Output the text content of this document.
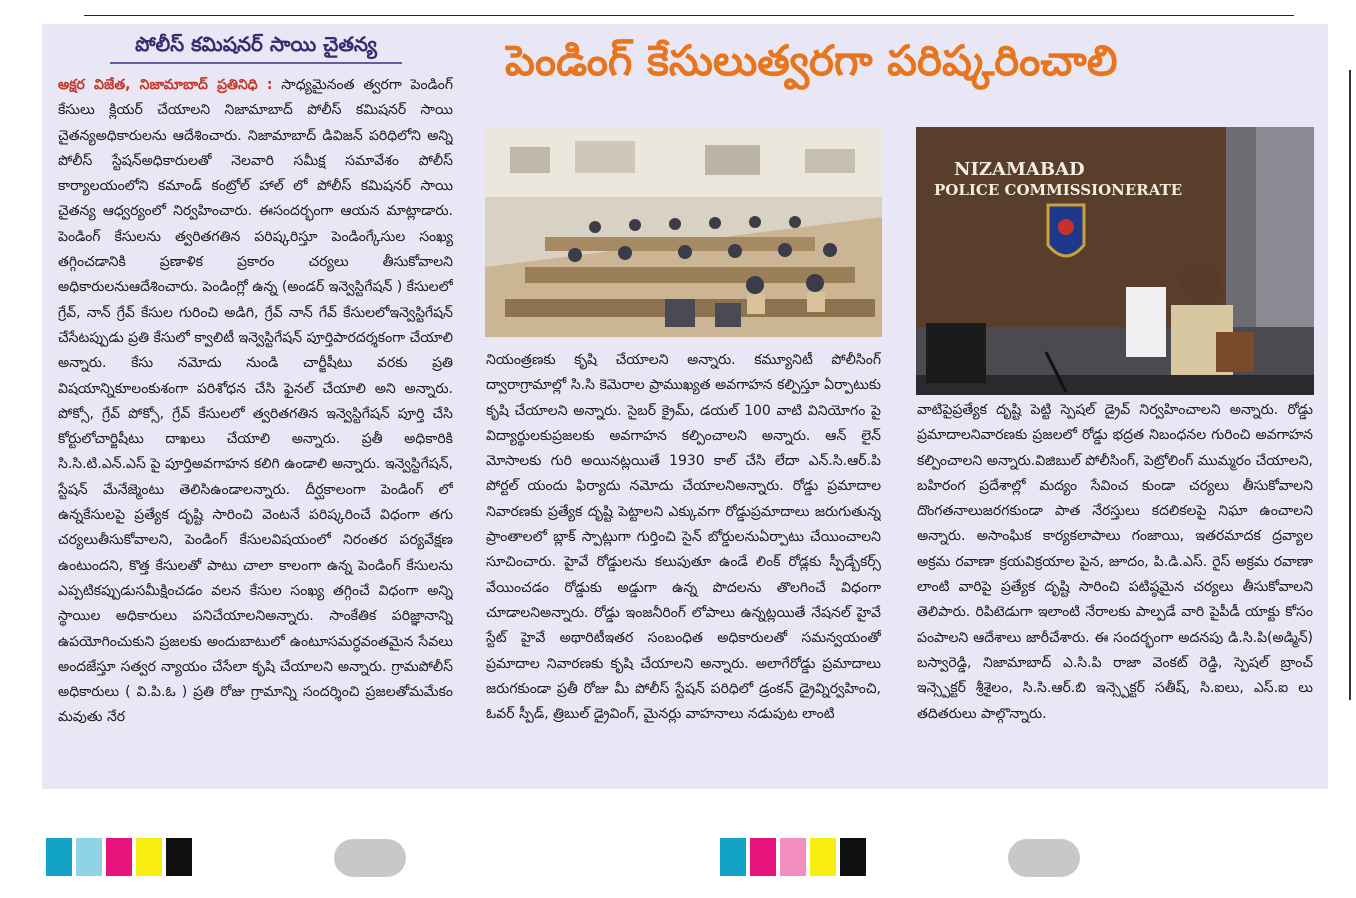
పోలీస్ కమిషనర్ సాయి చైతన్య	పెండింగ్ కేసులుత్వరగా పరిష్కరించాలి
అక్షర విజేత, నిజామాబాద్ ప్రతినిధి : సాధ్యమైనంత త్వరగా పెండింగ్ కేసులు క్లియర్ చేయాలని నిజామాబాద్ పోలీస్ కమిషనర్ సాయి చైతన్యఅధికారులను ఆదేశించారు. నిజామాబాద్ డివిజన్ పరిధిలోని అన్ని పోలీస్ స్టేషన్అధికారులతో నెలవారి సమీక్ష సమావేశం పోలీస్ కార్యాలయంలోని కమాండ్ కంట్రోల్ హాల్ లో పోలీస్ కమిషనర్ సాయి చైతన్య ఆధ్వర్యంలో నిర్వహించారు. ఈసందర్భంగా ఆయన మాట్లాడారు. పెండింగ్ కేసులను త్వరితగతిన పరిష్కరిస్తూ పెండింగ్కేసుల సంఖ్య తగ్గించడానికి ప్రణాళిక ప్రకారం చర్యలు తీసుకోవాలని అధికారులనుఆదేశించారు. పెండింగ్లో ఉన్న (అండర్ ఇన్వెస్టిగేషన్ ) కేసులలో గ్రేవ్, నాన్ గ్రేవ్ కేసుల గురించి అడిగి, గ్రేవ్ నాన్ గేవ్ కేసులలోఇన్వెస్టిగేషన్ చేసేటప్పుడు ప్రతి కేసులో క్వాలిటీ ఇన్వెస్టిగేషన్ పూర్తిపారదర్శకంగా చేయాలి అన్నారు. కేసు నమోదు నుండి చార్జీషీటు వరకు ప్రతి విషయాన్నికూలంకుశంగా పరిశోధన చేసి ఫైనల్ చేయాలి అని అన్నారు. పోక్సో, గ్రేవ్ పోక్సో, గ్రేవ్ కేసులలో త్వరితగతిన ఇన్వెస్టిగేషన్ పూర్తి చేసి కోర్టులోచార్జిషీటు దాఖలు చేయాలి అన్నారు. ప్రతీ అధికారికి సి.సి.టి.ఎన్.ఎస్ పై పూర్తిఅవగాహన కలిగి ఉండాలి అన్నారు. ఇన్వెస్టిగేషన్, స్టేషన్ మేనేజ్మెంటు తెలిసిఉండాలన్నారు. దీర్ఘకాలంగా పెండింగ్ లో ఉన్నకేసులపై ప్రత్యేక దృష్టి సారించి వెంటనే పరిష్కరించే విధంగా తగు చర్యలుతీసుకోవాలని, పెండింగ్ కేసులవిషయంలో నిరంతర పర్యవేక్షణ ఉంటుందని, కొత్త కేసులతో పాటు చాలా కాలంగా ఉన్న పెండింగ్ కేసులను ఎప్పటికప్పుడుసమీక్షించడం వలన కేసుల సంఖ్య తగ్గించే విధంగా అన్ని స్థాయిల అధికారులు పనిచేయాలనిఅన్నారు. సాంకేతిక పరిజ్ఞానాన్ని ఉపయోగించుకుని ప్రజలకు అందుబాటులో ఉంటూసమర్ధవంతమైన సేవలు అందజేస్తూ సత్వర న్యాయం చేసేలా కృషి చేయాలని అన్నారు. గ్రామపోలీస్ అధికారులు ( వి.పి.ఓ ) ప్రతి రోజు గ్రామాన్ని సందర్శించి ప్రజలతోమమేకం మవుతు నేర
NIZAMABAD
POLICE COMMISSIONERATE
నియంత్రణకు కృషి చేయాలని అన్నారు. కమ్యూనిటీ పోలీసింగ్ ద్వారాగ్రామాల్లో సి.సి కెమెరాల ప్రాముఖ్యత అవగాహన కల్పిస్తూ ఏర్పాటుకు కృషి చేయాలని అన్నారు. సైబర్ క్రైమ్, డయల్ 100 వాటి వినియోగం పై విద్యార్థులకుప్రజలకు అవగాహన కల్పించాలని అన్నారు. ఆన్ లైన్ మోసాలకు గురి అయినట్లయితే 1930 కాల్ చేసి లేదా ఎన్.సి.ఆర్.పి పోర్టల్ యందు ఫిర్యాదు నమోదు చేయాలనిఅన్నారు. రోడ్డు ప్రమాదాల నివారణకు ప్రత్యేక దృష్టి పెట్టాలని ఎక్కువగా రోడ్డుప్రమాదాలు జరుగుతున్న ప్రాంతాలలో బ్లాక్ స్పాట్లుగా గుర్తించి సైన్ బోర్డులనుఏర్పాటు చేయించాలని సూచించారు. హైవే రోడ్డులను కలుపుతూ ఉండే లింక్ రోడ్లకు స్పీడ్బేకర్స్ వేయించడం రోడ్డుకు అడ్డుగా ఉన్న పొదలను తొలగించే విధంగా చూడాలనిఅన్నారు. రోడ్డు ఇంజనీరింగ్ లోపాలు ఉన్నట్లయితే నేషనల్ హైవే స్టేట్ హైవే అథారిటీఇతర సంబంధిత అధికారులతో సమన్వయంతో ప్రమాదాల నివారణకు కృషి చేయాలని అన్నారు. అలాగేరోడ్డు ప్రమాదాలు జరుగకుండా ప్రతీ రోజు మీ పోలీస్ స్టేషన్ పరిధిలో డ్రంకన్ డ్రైవ్నిర్వహించి, ఓవర్ స్పీడ్, త్రిబుల్ డ్రైవింగ్, మైనర్లు వాహనాలు నడుపుట లాంటి
వాటిపైప్రత్యేక దృష్టి పెట్టి స్పెషల్ డ్రైవ్ నిర్వహించాలని అన్నారు. రోడ్డు ప్రమాదాలనివారణకు ప్రజలలో రోడ్డు భద్రత నిబంధనల గురించి అవగాహన కల్పించాలని అన్నారు.విజిబుల్ పోలీసింగ్, పెట్రోలింగ్ ముమ్మరం చేయాలని, బహిరంగ ప్రదేశాల్లో మద్యం సేవించ కుండా చర్యలు తీసుకోవాలని దొంగతనాలుజరగకుండా పాత నేరస్తులు కదలికలపై నిఘా ఉంచాలని అన్నారు. అసాంఘిక కార్యకలాపాలు గంజాయి, ఇతరమాదక ద్రవ్యాల అక్రమ రవాణా క్రయవిక్రయాల పైన, జూదం, పి.డి.ఎస్. రైస్ అక్రమ రవాణా లాంటి వారిపై ప్రత్యేక దృష్టి సారించి పటిష్ఠమైన చర్యలు తీసుకోవాలని తెలిపారు. రిపిటెడుగా ఇలాంటి నేరాలకు పాల్పడే వారి పైపీడీ యాక్టు కోసం పంపాలని ఆదేశాలు జారీచేశారు. ఈ సందర్భంగా అదనపు డి.సి.పి(అడ్మిన్) బస్వారెడ్డి, నిజామాబాద్ ఎ.సి.పి రాజా వెంకట్ రెడ్డి, స్పెషల్ బ్రాంచ్ ఇన్స్పెక్టర్ శ్రీశైలం, సి.సి.ఆర్.బి ఇన్స్పెక్టర్ సతీష్, సి.ఐలు, ఎస్.ఐ లు తదితరులు పాల్గొన్నారు.
